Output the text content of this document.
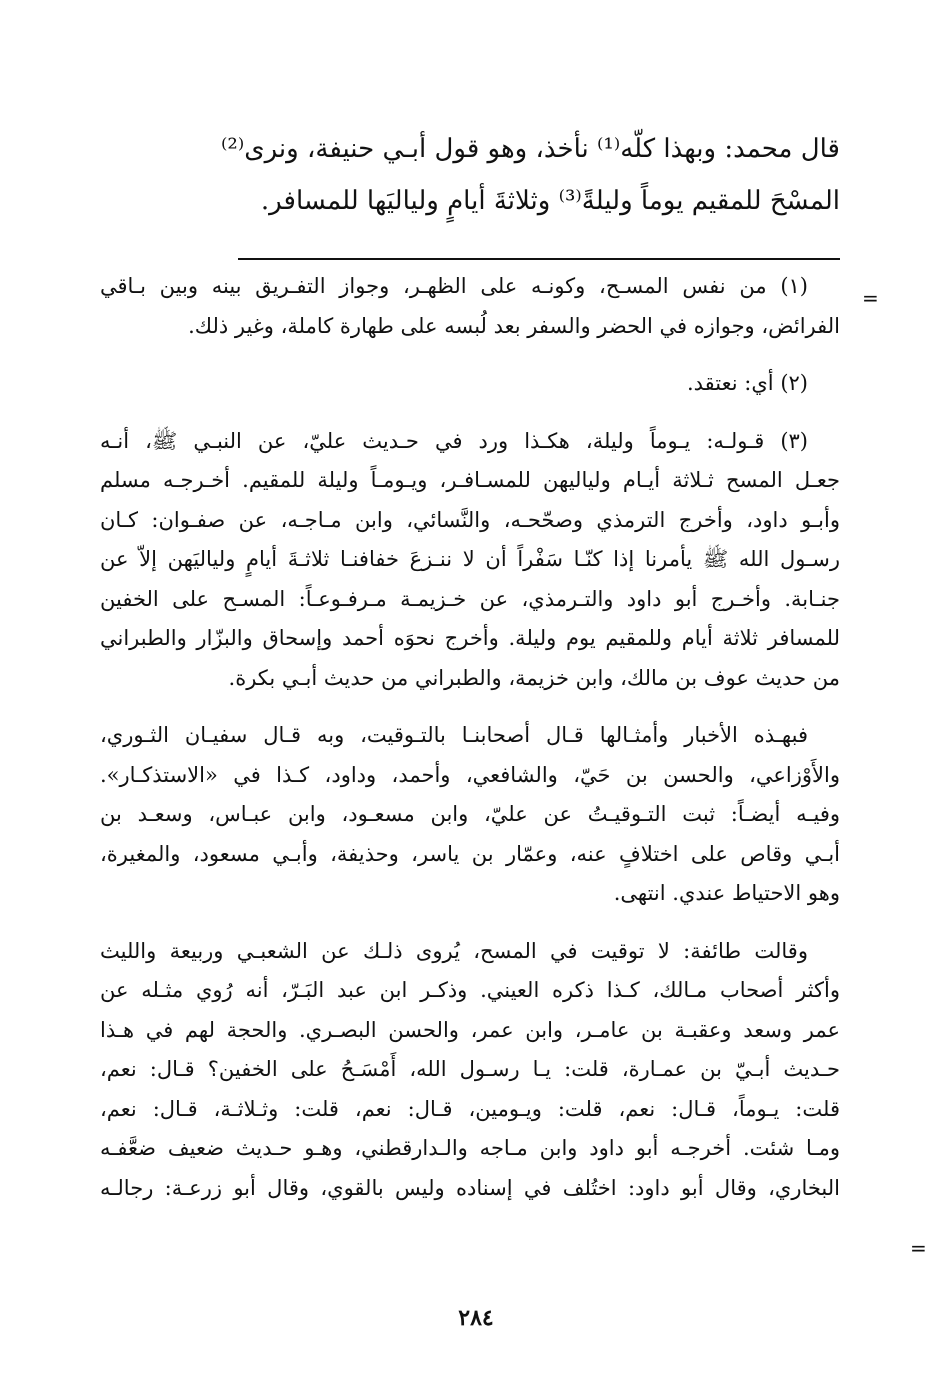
قال محمد: وبهذا كلّه⁽¹⁾ نأخذ، وهو قول أبـي حنيفة، ونرى⁽²⁾
المسْحَ للمقيم يوماً وليلةً⁽³⁾ وثلاثةَ أيامٍ ولياليَها للمسافر.
=
=
(١) من نفس المسـح، وكونـه على الظهـر، وجواز التفـريق بينه وبين بـاقي
الفرائض، وجوازه في الحضر والسفر بعد لُبسه على طهارة كاملة، وغير ذلك.
(٢) أي: نعتقد.
(٣) قـولـه: يـوماً وليلة، هكـذا ورد في حـديث عليّ، عن النبـي ﷺ، أنـه
جعـل المسح ثـلاثة أيـام ولياليهن للمسـافـر، ويـومـاً وليلة للمقيم. أخـرجـه مسلم
وأبـو داود، وأخرج الترمذي وصحّحـه، والنَّسائي، وابن مـاجـه، عن صفـوان: كـان
رسـول الله ﷺ يأمرنا إذا كنّـا سَفْراً أن لا ننـزعَ خفافنـا ثلاثـةَ أيامٍ ولياليَهن إلاّ عن
جنـابة. وأخـرج أبو داود والتـرمذي، عن خـزيمـة مـرفـوعـاً: المسـح على الخفين
للمسافر ثلاثة أيام وللمقيم يوم وليلة. وأخرج نحوَه أحمد وإسحاق والبزّار والطبراني
من حديث عوف بن مالك، وابن خزيمة، والطبراني من حديث أبـي بكرة.
فبهـذه الأخبار وأمثـالها قـال أصحابنـا بالتـوقيت، وبه قـال سفيـان الثـوري،
والأَوْزاعي، والحسن بن حَيّ، والشافعي، وأحمد، وداود، كـذا في «الاستذكـار».
وفيـه أيضـاً: ثبت التـوقيـتُ عن عليّ، وابن مسعـود، وابن عبـاس، وسعـد بن
أبـي وقاص على اختلافٍ عنه، وعمّار بن ياسر، وحذيفة، وأبـي مسعود، والمغيرة،
وهو الاحتياط عندي. انتهى.
وقالت طائفة: لا توقيت في المسح، يُروى ذلـك عن الشعبـي وربيعة والليث
وأكثر أصحاب مـالك، كـذا ذكره العيني. وذكـر ابن عبد البَـرّ، أنه رُوي مثـله عن
عمر وسعد وعقبـة بن عامـر، وابن عمر، والحسن البصـري. والحجة لهم في هـذا
حـديث أبـيّ بن عمـارة، قلت: يـا رسـول الله، أَمْسَـحُ على الخفين؟ قـال: نعم،
قلت: يـوماً، قـال: نعم، قلت: ويـومين، قـال: نعم، قلت: وثـلاثـة، قـال: نعم،
ومـا شئت. أخرجـه أبو داود وابن مـاجه والـدارقطني، وهـو حـديث ضعيف ضعَّفـه
البخاري، وقال أبو داود: اختُلف في إسناده وليس بالقوي، وقال أبو زرعـة: رجالـه
٢٨٤
